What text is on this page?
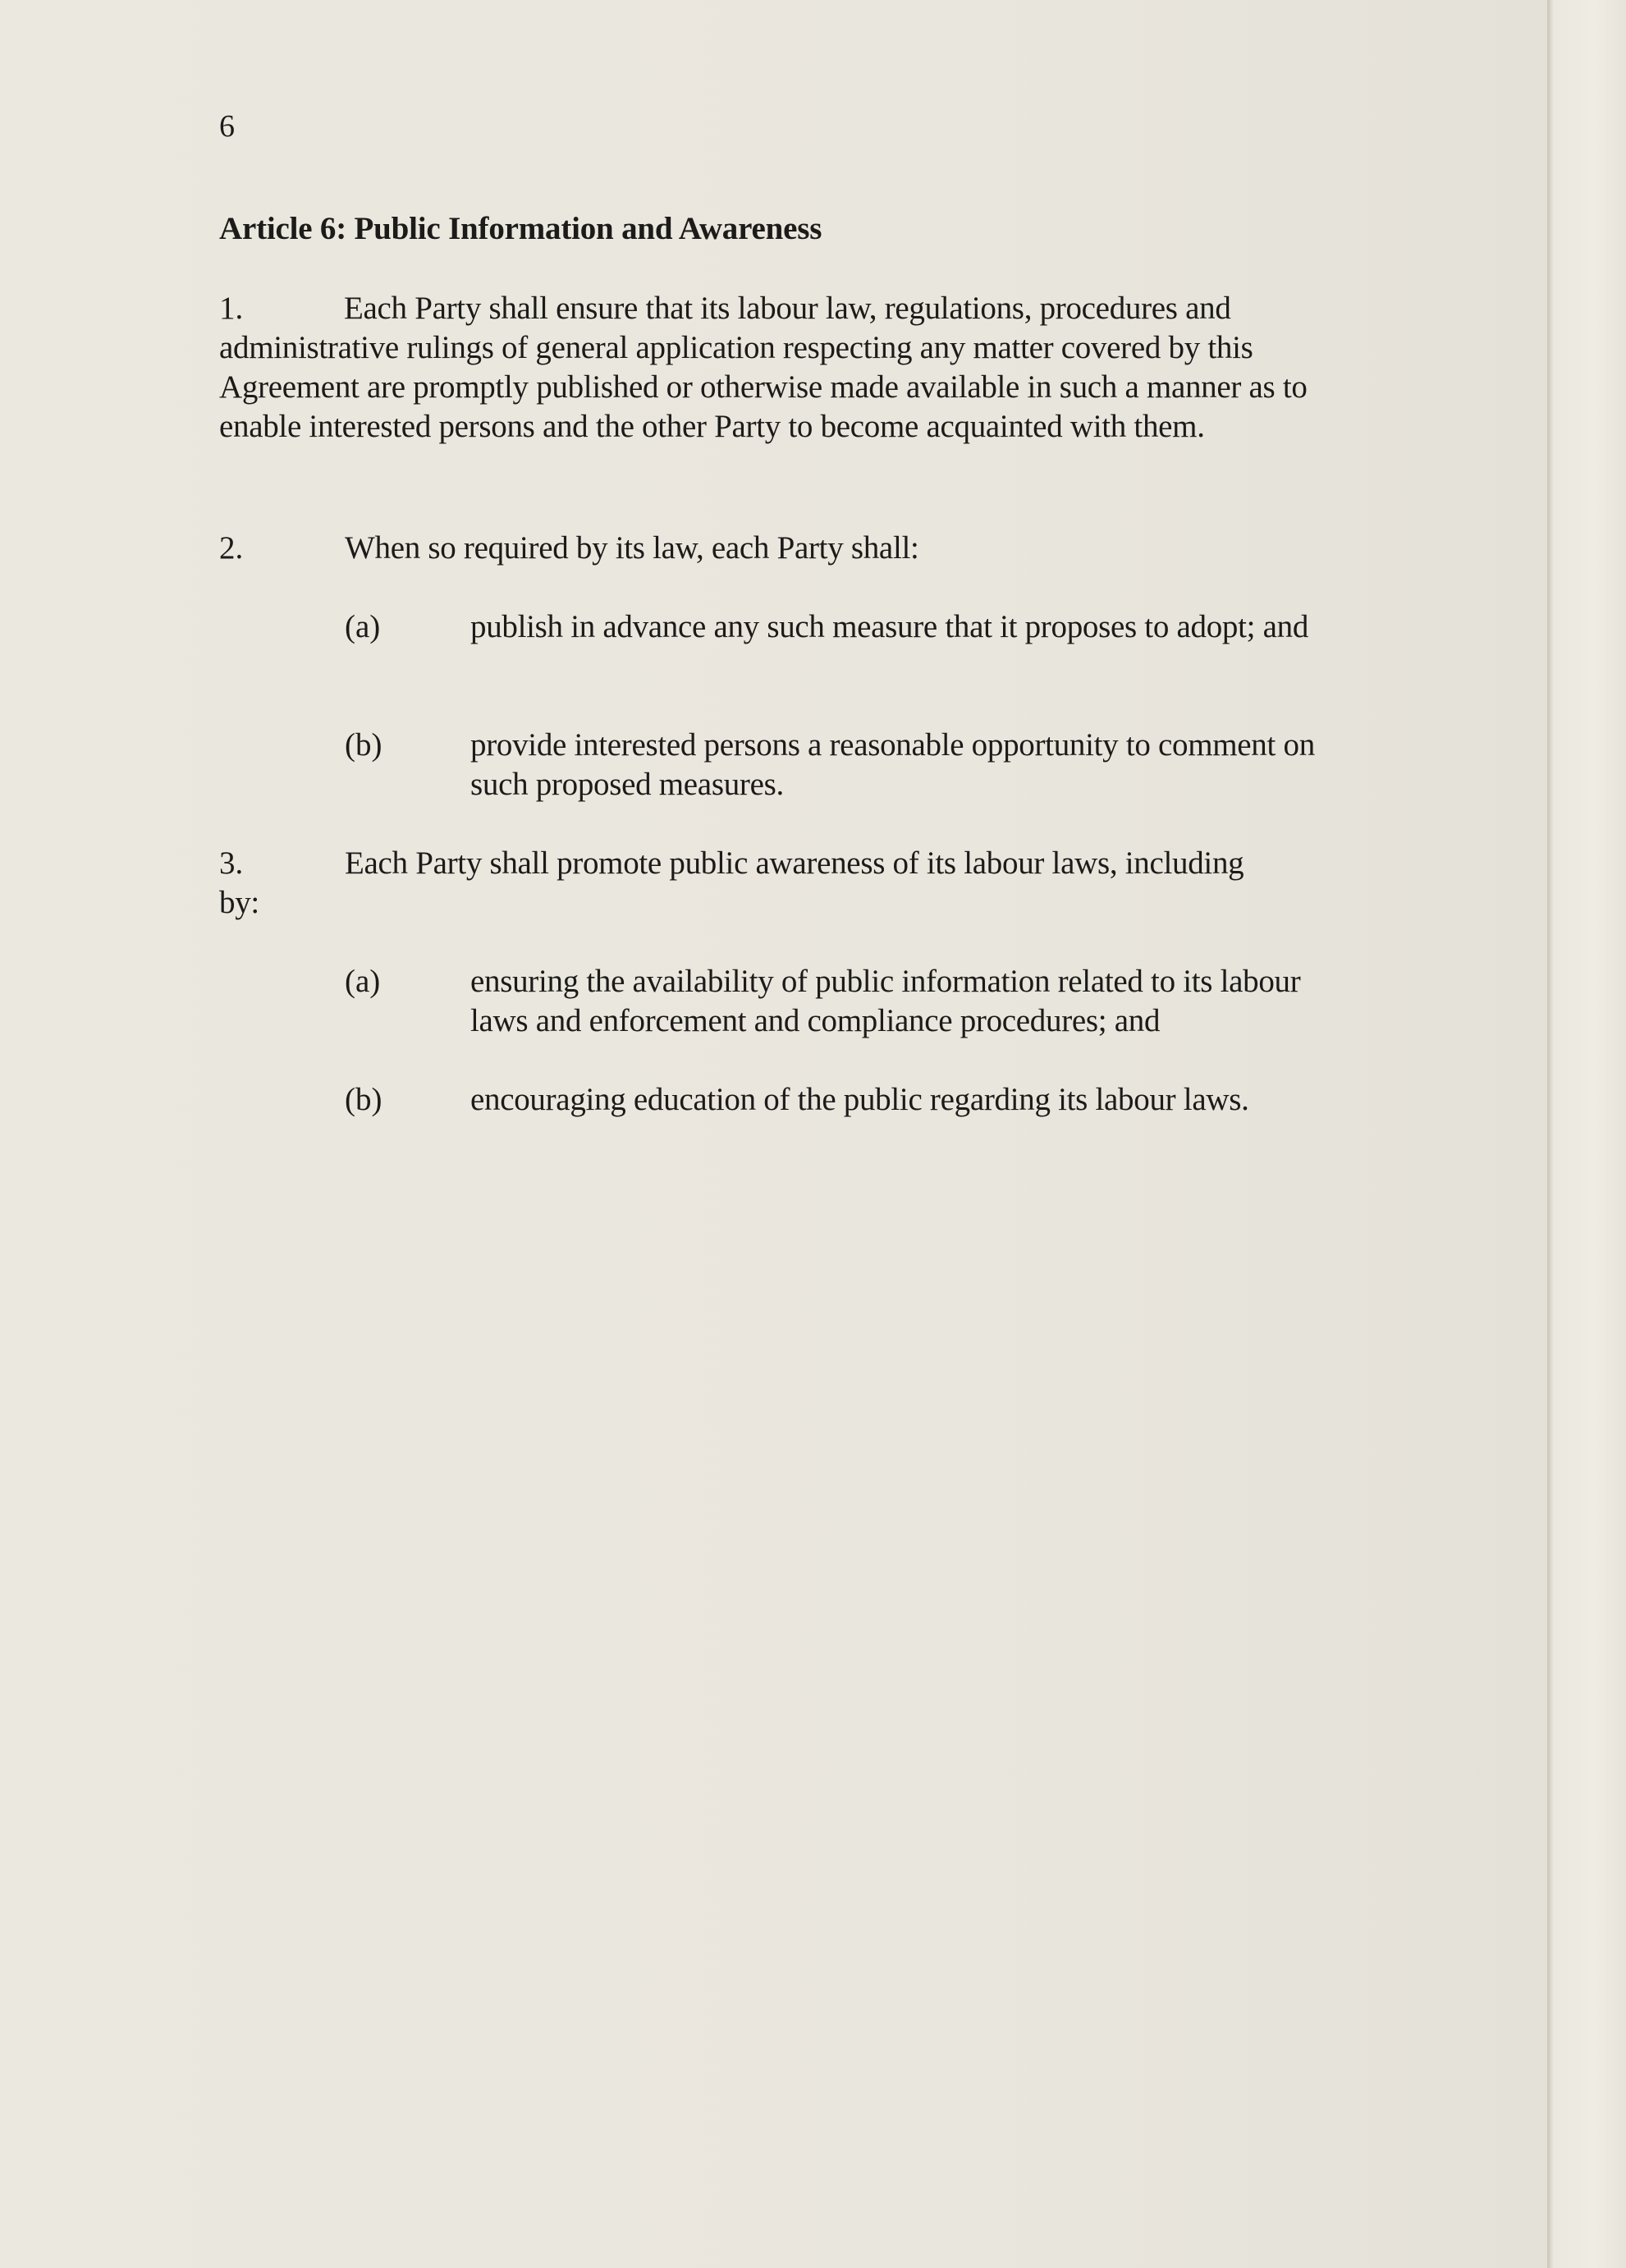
6
Article 6: Public Information and Awareness
Each Party shall ensure that its labour law, regulations, procedures and administrative rulings of general application respecting any matter covered by this Agreement are promptly published or otherwise made available in such a manner as to enable interested persons and the other Party to become acquainted with them.
1.
2.	When so required by its law, each Party shall:
(a)	publish in advance any such measure that it proposes to adopt; and
(b)	provide interested persons a reasonable opportunity to comment on such proposed measures.
3.	Each Party shall promote public awareness of its labour laws, including
by:
(a)	ensuring the availability of public information related to its labour laws and enforcement and compliance procedures; and
(b)	encouraging education of the public regarding its labour laws.
